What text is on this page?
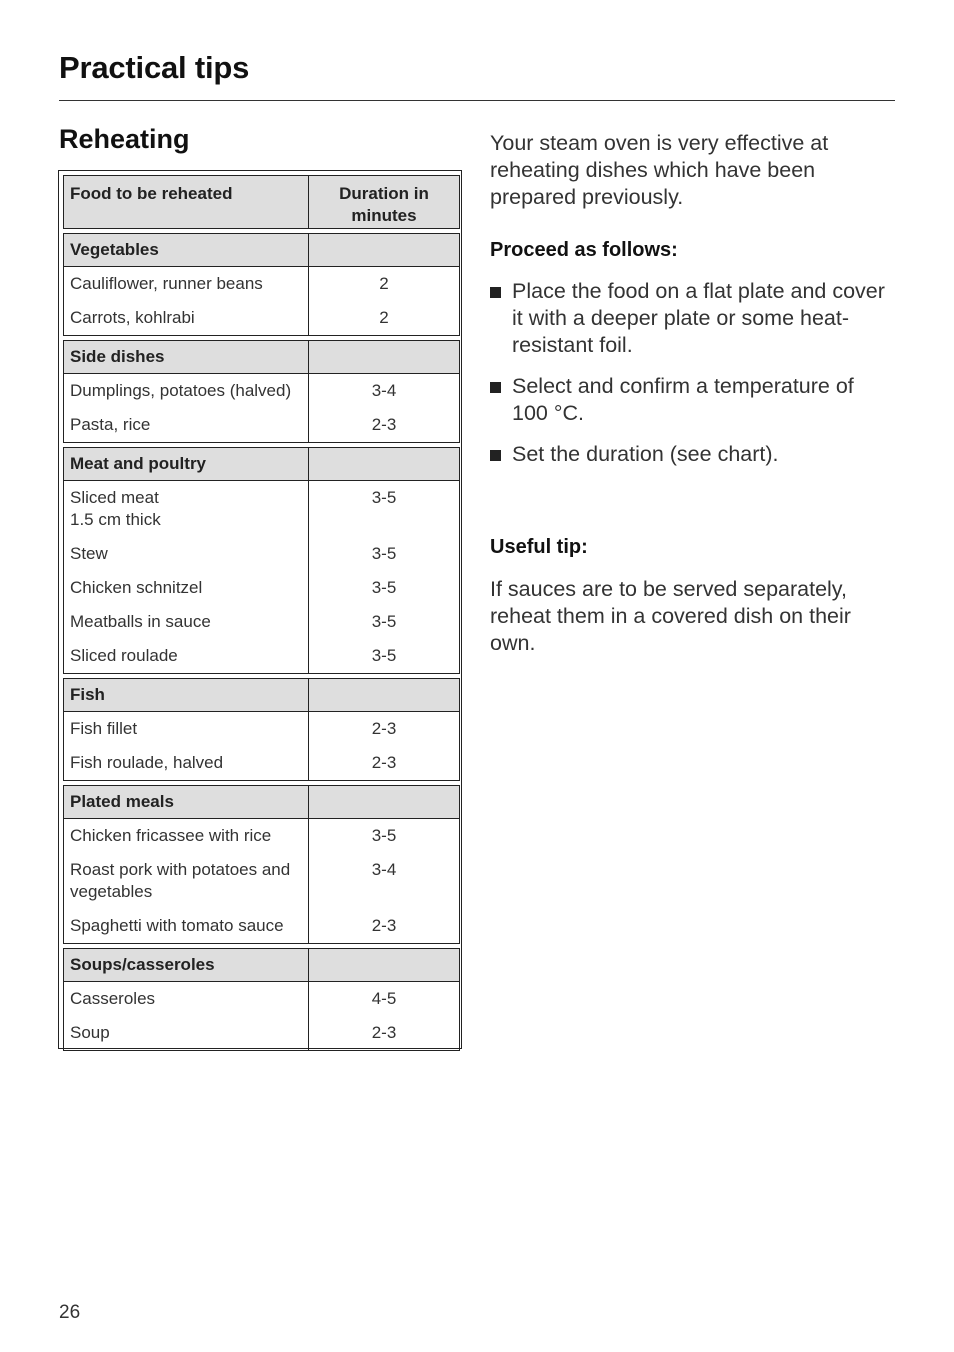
Practical tips
Reheating
Food to be reheated	Duration in minutes

Vegetables	
Cauliflower, runner beans	2
Carrots, kohlrabi	2

Side dishes	
Dumplings, potatoes (halved)	3-4
Pasta, rice	2-3

Meat and poultry	
Sliced meat
1.5 cm thick	3-5
Stew	3-5
Chicken schnitzel	3-5
Meatballs in sauce	3-5
Sliced roulade	3-5

Fish	
Fish fillet	2-3
Fish roulade, halved	2-3

Plated meals	
Chicken fricassee with rice	3-5
Roast pork with potatoes and vegetables	3-4
Spaghetti with tomato sauce	2-3

Soups/casseroles	
Casseroles	4-5
Soup	2-3

Your steam oven is very effective at reheating dishes which have been prepared previously.

Proceed as follows:
Place the food on a flat plate and cover it with a deeper plate or some heat-resistant foil.
Select and confirm a temperature of 100 °C.
Set the duration (see chart).
Useful tip:

If sauces are to be served separately, reheat them in a covered dish on their own.

26
